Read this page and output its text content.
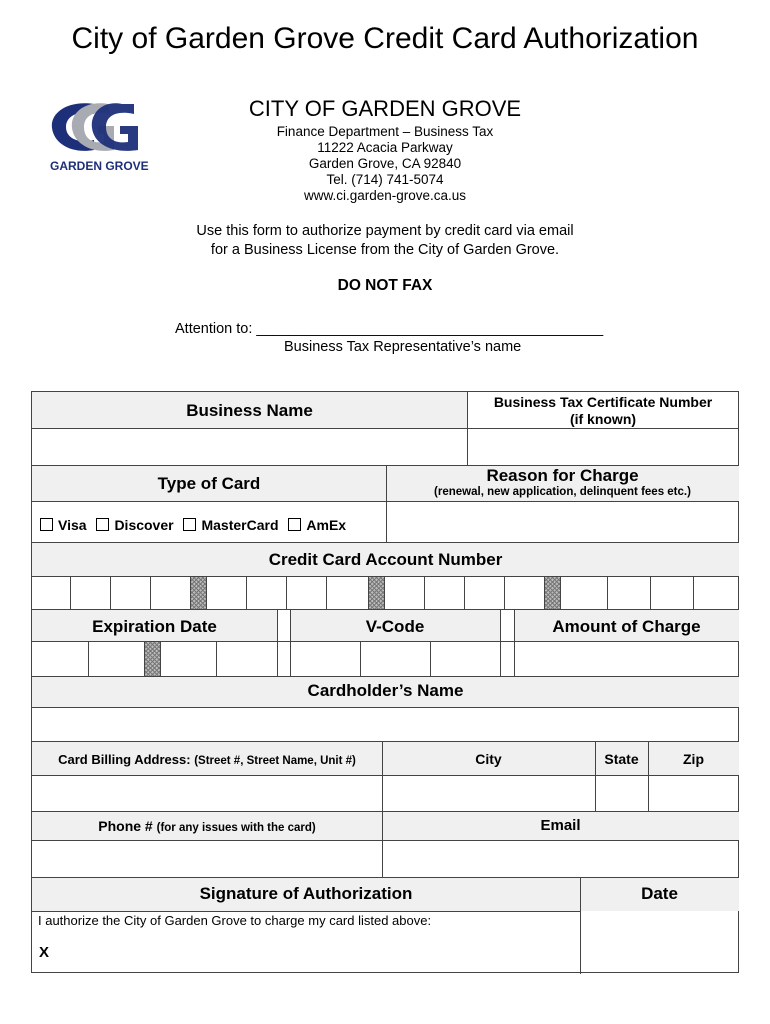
City of Garden Grove Credit Card Authorization
GARDEN GROVE
CITY OF GARDEN GROVE
Finance Department – Business Tax
11222 Acacia Parkway
Garden Grove, CA 92840
Tel. (714) 741-5074
www.ci.garden-grove.ca.us
Use this form to authorize payment by credit card via email
for a Business License from the City of Garden Grove.
DO NOT FAX
Attention to: ___________________________________________
Business Tax Representative’s name
Business Name	Business Tax Certificate Number
(if known)
Type of Card	Reason for Charge
(renewal, new application, delinquent fees etc.)
Visa Discover MasterCard AmEx
Credit Card Account Number
Expiration Date	V-Code	Amount of Charge
Cardholder’s Name
Card Billing Address: (Street #, Street Name, Unit #)	City	State	Zip
Phone # (for any issues with the card)	Email
Signature of Authorization	Date
I authorize the City of Garden Grove to charge my card listed above:
X
